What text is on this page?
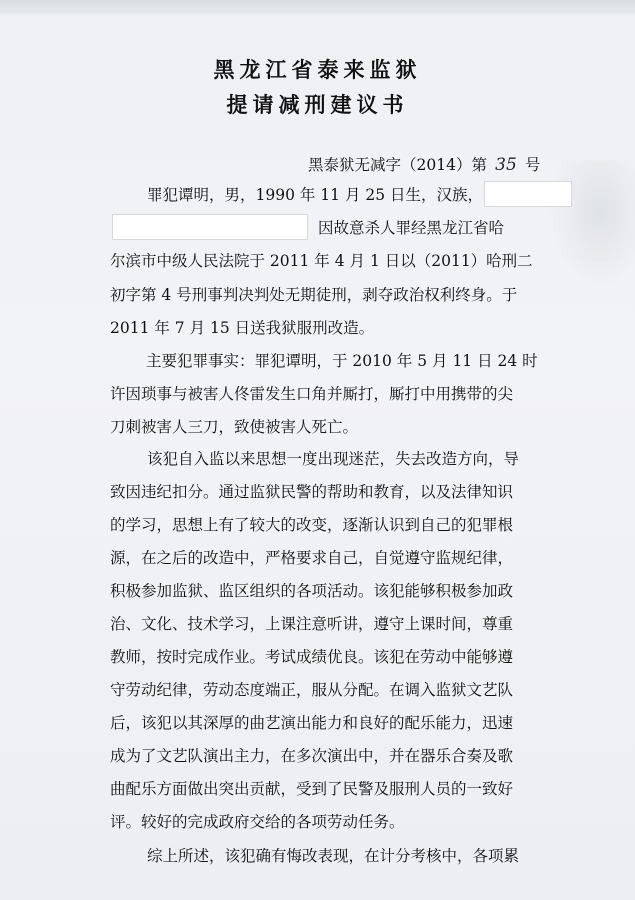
黑龙江省泰来监狱
提请减刑建议书
黑泰狱无减字（2014）第 35 号
罪犯谭明，男，1990 年 11 月 25 日生，汉族，
因故意杀人罪经黑龙江省哈
尔滨市中级人民法院于 2011 年 4 月 1 日以（2011）哈刑二
初字第 4 号刑事判决判处无期徒刑，剥夺政治权利终身。于
2011 年 7 月 15 日送我狱服刑改造。
主要犯罪事实：罪犯谭明，于 2010 年 5 月 11 日 24 时
许因琐事与被害人佟雷发生口角并厮打，厮打中用携带的尖
刀刺被害人三刀，致使被害人死亡。
该犯自入监以来思想一度出现迷茫，失去改造方向，导
致因违纪扣分。通过监狱民警的帮助和教育，以及法律知识
的学习，思想上有了较大的改变，逐渐认识到自己的犯罪根
源，在之后的改造中，严格要求自己，自觉遵守监规纪律，
积极参加监狱、监区组织的各项活动。该犯能够积极参加政
治、文化、技术学习，上课注意听讲，遵守上课时间，尊重
教师，按时完成作业。考试成绩优良。该犯在劳动中能够遵
守劳动纪律，劳动态度端正，服从分配。在调入监狱文艺队
后，该犯以其深厚的曲艺演出能力和良好的配乐能力，迅速
成为了文艺队演出主力，在多次演出中，并在器乐合奏及歌
曲配乐方面做出突出贡献，受到了民警及服刑人员的一致好
评。较好的完成政府交给的各项劳动任务。
综上所述，该犯确有悔改表现，在计分考核中，各项累
